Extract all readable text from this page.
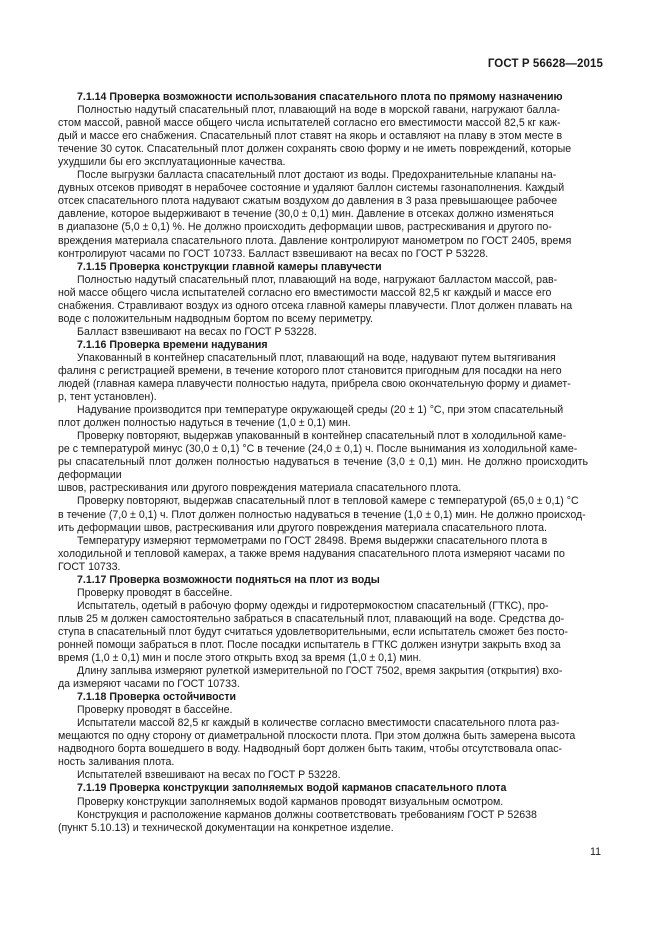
ГОСТ Р 56628—2015
7.1.14 Проверка возможности использования спасательного плота по прямому назначению

Полностью надутый спасательный плот, плавающий на воде в морской гавани, нагружают балла-
стом массой, равной массе общего числа испытателей согласно его вместимости массой 82,5 кг каж-
дый и массе его снабжения. Спасательный плот ставят на якорь и оставляют на плаву в этом месте в
течение 30 суток. Спасательный плот должен сохранять свою форму и не иметь повреждений, которые
ухудшили бы его эксплуатационные качества.

После выгрузки балласта спасательный плот достают из воды. Предохранительные клапаны на-
дувных отсеков приводят в нерабочее состояние и удаляют баллон системы газонаполнения. Каждый
отсек спасательного плота надувают сжатым воздухом до давления в 3 раза превышающее рабочее
давление, которое выдерживают в течение (30,0 ± 0,1) мин. Давление в отсеках должно изменяться
в диапазоне (5,0 ± 0,1) %. Не должно происходить деформации швов, растрескивания и другого по-
вреждения материала спасательного плота. Давление контролируют манометром по ГОСТ 2405, время
контролируют часами по ГОСТ 10733. Балласт взвешивают на весах по ГОСТ Р 53228.

7.1.15 Проверка конструкции главной камеры плавучести

Полностью надутый спасательный плот, плавающий на воде, нагружают балластом массой, рав-
ной массе общего числа испытателей согласно его вместимости массой 82,5 кг каждый и массе его
снабжения. Стравливают воздух из одного отсека главной камеры плавучести. Плот должен плавать на
воде с положительным надводным бортом по всему периметру.

Балласт взвешивают на весах по ГОСТ Р 53228.

7.1.16 Проверка времени надувания

Упакованный в контейнер спасательный плот, плавающий на воде, надувают путем вытягивания
фалиня с регистрацией времени, в течение которого плот становится пригодным для посадки на него
людей (главная камера плавучести полностью надута, прибрела свою окончательную форму и диамет-
р, тент установлен).

Надувание производится при температуре окружающей среды (20 ± 1) °С, при этом спасательный
плот должен полностью надуться в течение (1,0 ± 0,1) мин.

Проверку повторяют, выдержав упакованный в контейнер спасательный плот в холодильной каме-
ре с температурой минус (30,0 ± 0,1) °С в течение (24,0 ± 0,1) ч. После вынимания из холодильной каме-
ры спасательный плот должен полностью надуваться в течение (3,0 ± 0,1) мин. Не должно происходить деформации
швов, растрескивания или другого повреждения материала спасательного плота.

Проверку повторяют, выдержав спасательный плот в тепловой камере с температурой (65,0 ± 0,1) °С
в течение (7,0 ± 0,1) ч. Плот должен полностью надуваться в течение (1,0 ± 0,1) мин. Не должно происход-
ить деформации швов, растрескивания или другого повреждения материала спасательного плота.

Температуру измеряют термометрами по ГОСТ 28498. Время выдержки спасательного плота в
холодильной и тепловой камерах, а также время надувания спасательного плота измеряют часами по
ГОСТ 10733.

7.1.17 Проверка возможности подняться на плот из воды

Проверку проводят в бассейне.

Испытатель, одетый в рабочую форму одежды и гидротермокостюм спасательный (ГТКС), про-
плыв 25 м должен самостоятельно забраться в спасательный плот, плавающий на воде. Средства до-
ступа в спасательный плот будут считаться удовлетворительными, если испытатель сможет без посто-
ронней помощи забраться в плот. После посадки испытатель в ГТКС должен изнутри закрыть вход за
время (1,0 ± 0,1) мин и после этого открыть вход за время (1,0 ± 0,1) мин.

Длину заплыва измеряют рулеткой измерительной по ГОСТ 7502, время закрытия (открытия) вхо-
да измеряют часами по ГОСТ 10733.

7.1.18 Проверка остойчивости

Проверку проводят в бассейне.

Испытатели массой 82,5 кг каждый в количестве согласно вместимости спасательного плота раз-
мещаются по одну сторону от диаметральной плоскости плота. При этом должна быть замерена высота
надводного борта вошедшего в воду. Надводный борт должен быть таким, чтобы отсутствовала опас-
ность заливания плота.

Испытателей взвешивают на весах по ГОСТ Р 53228.

7.1.19 Проверка конструкции заполняемых водой карманов спасательного плота

Проверку конструкции заполняемых водой карманов проводят визуальным осмотром.

Конструкция и расположение карманов должны соответствовать требованиям ГОСТ Р 52638
(пункт 5.10.13) и технической документации на конкретное изделие.

11
